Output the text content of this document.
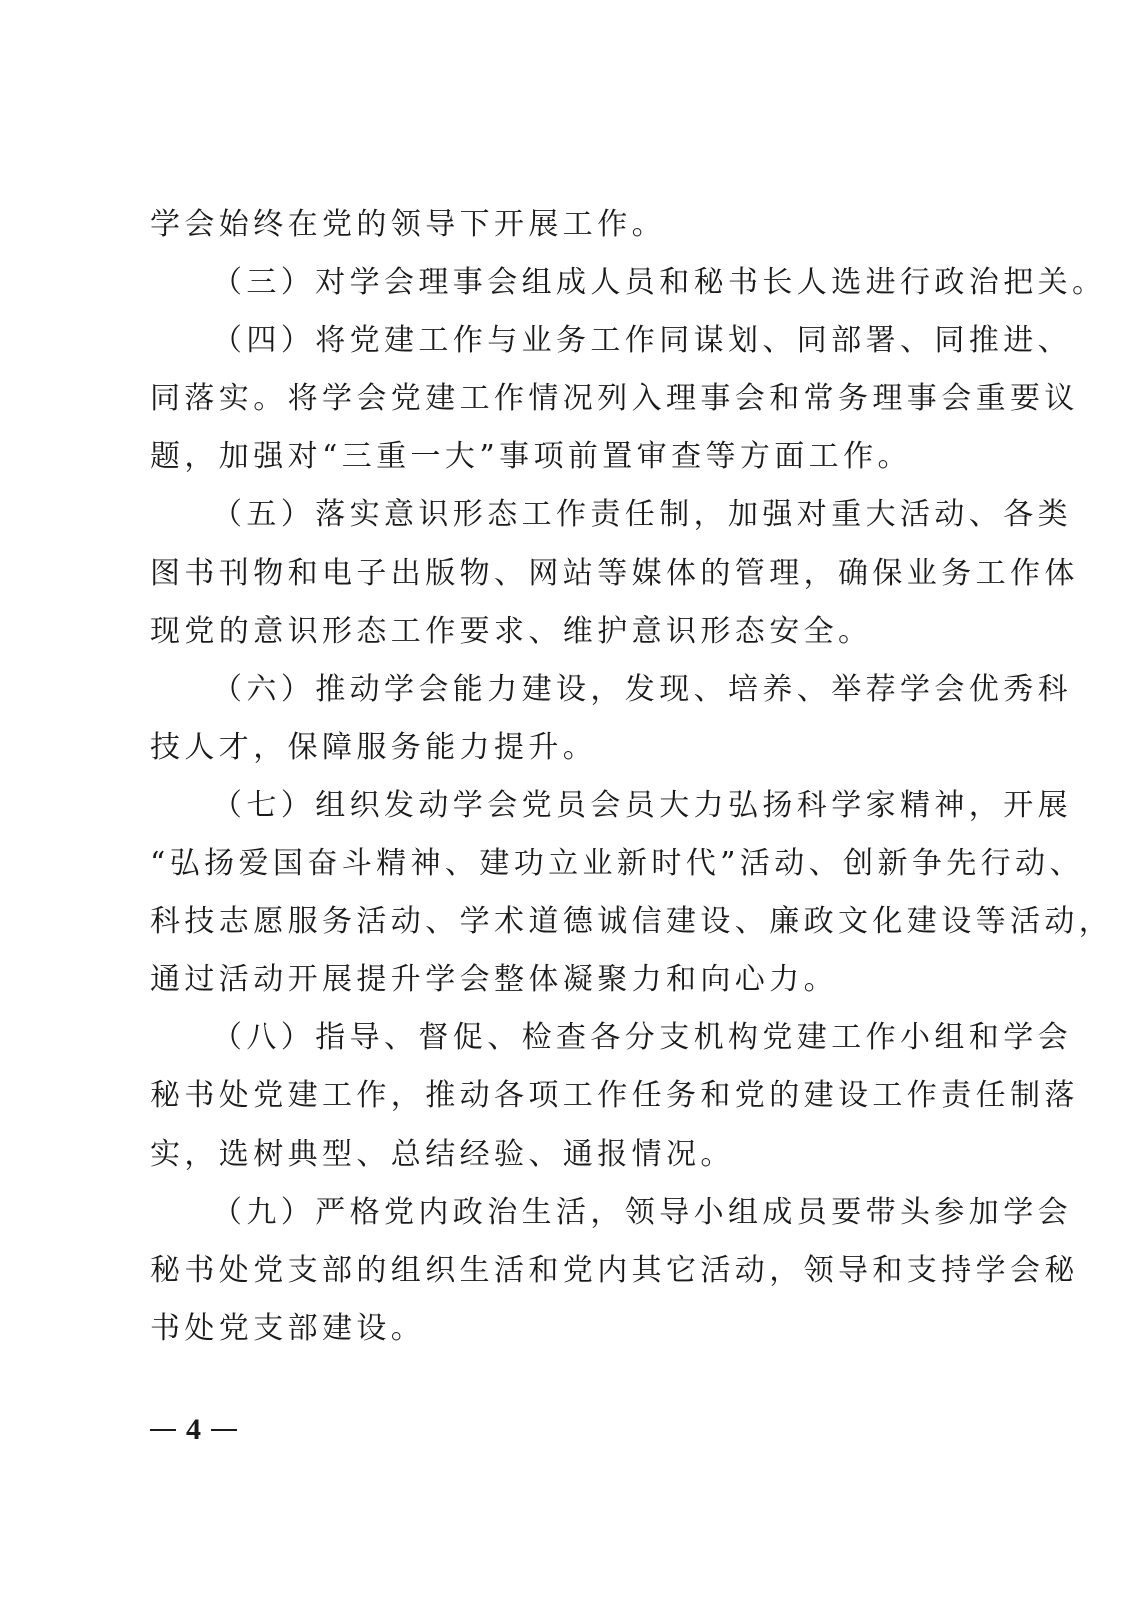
学会始终在党的领导下开展工作。
（三）对学会理事会组成人员和秘书长人选进行政治把关。
（四）将党建工作与业务工作同谋划、同部署、同推进、
同落实。将学会党建工作情况列入理事会和常务理事会重要议
题，加强对“三重一大”事项前置审查等方面工作。
（五）落实意识形态工作责任制，加强对重大活动、各类
图书刊物和电子出版物、网站等媒体的管理，确保业务工作体
现党的意识形态工作要求、维护意识形态安全。
（六）推动学会能力建设，发现、培养、举荐学会优秀科
技人才，保障服务能力提升。
（七）组织发动学会党员会员大力弘扬科学家精神，开展
“弘扬爱国奋斗精神、建功立业新时代”活动、创新争先行动、
科技志愿服务活动、学术道德诚信建设、廉政文化建设等活动，
通过活动开展提升学会整体凝聚力和向心力。
（八）指导、督促、检查各分支机构党建工作小组和学会
秘书处党建工作，推动各项工作任务和党的建设工作责任制落
实，选树典型、总结经验、通报情况。
（九）严格党内政治生活，领导小组成员要带头参加学会
秘书处党支部的组织生活和党内其它活动，领导和支持学会秘
书处党支部建设。
4
